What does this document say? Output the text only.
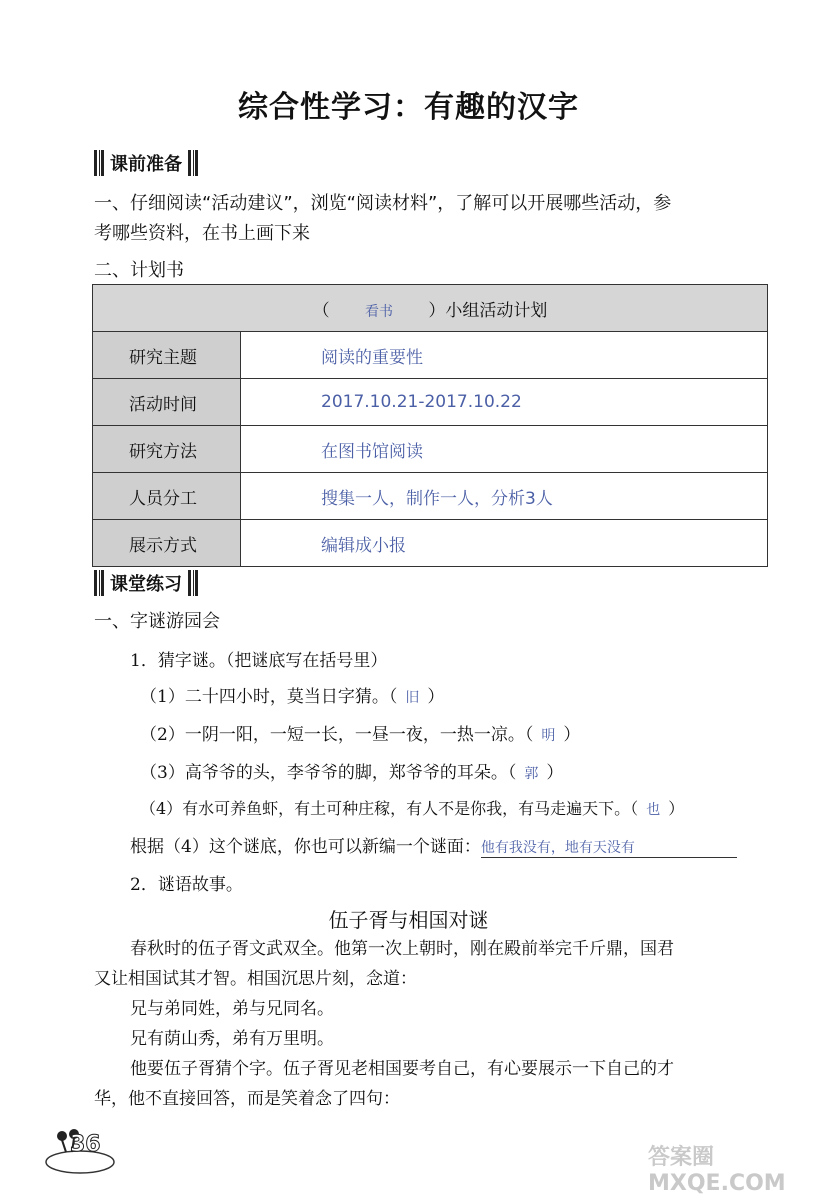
综合性学习：有趣的汉字
课前准备
一、仔细阅读“活动建议”，浏览“阅读材料”，了解可以开展哪些活动，参
考哪些资料，在书上画下来
二、计划书
（ 看书 ）小组活动计划	
研究主题	阅读的重要性
活动时间	2017.10.21-2017.10.22
研究方法	在图书馆阅读
人员分工	搜集一人，制作一人，分析3人
展示方式	编辑成小报
课堂练习
一、字谜游园会
1．猜字谜。（把谜底写在括号里）
（1）二十四小时，莫当日字猜。（ 旧 ）
（2）一阴一阳，一短一长，一昼一夜，一热一凉。（ 明 ）
（3）高爷爷的头，李爷爷的脚，郑爷爷的耳朵。（ 郭 ）
（4）有水可养鱼虾，有土可种庄稼，有人不是你我，有马走遍天下。（ 也 ）
根据（4）这个谜底，你也可以新编一个谜面：他有我没有，地有天没有
2．谜语故事。
伍子胥与相国对谜
春秋时的伍子胥文武双全。他第一次上朝时，刚在殿前举完千斤鼎，国君
又让相国试其才智。相国沉思片刻，念道：
兄与弟同姓，弟与兄同名。
兄有荫山秀，弟有万里明。
他要伍子胥猜个字。伍子胥见老相国要考自己，有心要展示一下自己的才
华，他不直接回答，而是笑着念了四句：
36
答案圈 MXQE.COM
